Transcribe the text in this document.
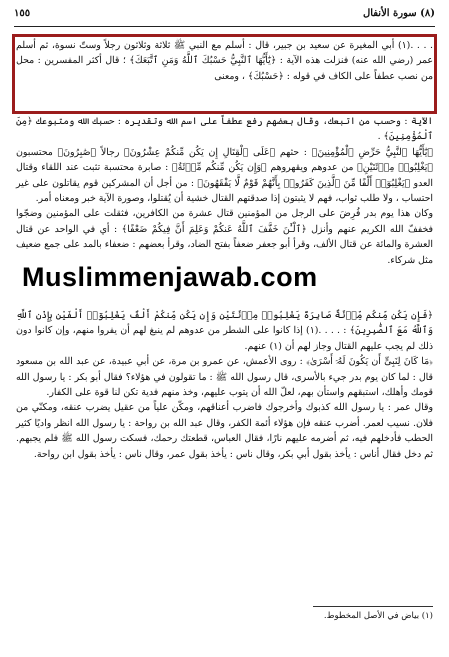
(٨) سورة الأنفال
١٥٥

. . . .(١) أبي المغيرة عن سعيد بن جبير، قال : أسلم مع النبي ﷺ ثلاثة وثلاثون رجلاً وستّ نسوة، ثم أسلم عمر (رضي الله عنه) فنزلت هذه الآية : ﴿يَٰٓأَيُّهَا ٱلنَّبِيُّ حَسْبُكَ ٱللَّهُ وَمَنِ ٱتَّبَعَكَ﴾ ؛ قال أكثر المفسرين : محل من نصب عطفاً على الكاف في قوله : ﴿حَسْبُكَ﴾ ، ومعنى

الآية : وحسب من اتبعك، وقال بعضهم رفع عطفاً على اسم الله وتقديره : حسبك الله ومتبوعك ﴿مِنَ ٱلْمُؤْمِنِينَ﴾ .

﴿يَٰٓأَيُّهَا ٱلنَّبِيُّ حَرِّضِ ٱلْمُؤْمِنِينَ﴾ : حثهم ﴿عَلَى ٱلْقِتَالِ إِن يَكُن مِّنكُمْ عِشْرُونَ﴾ رجالاً ﴿صَٰبِرُونَ﴾ محتسبون ﴿يَغْلِبُوا۟ مِا۟ئَتَيْنِ﴾ من عدوهم ويقهروهم ﴿وَإِن يَكُن مِّنكُم مِّا۟ئَةٌ﴾ : صابرة محتسبة تثبت عند اللقاء وقتال العدو ﴿يَغْلِبُوٓا۟ أَلْفًا مِّنَ ٱلَّذِينَ كَفَرُوا۟ بِأَنَّهُمْ قَوْمٌ لَّا يَفْقَهُونَ﴾ : من أجل أن المشركين قوم يقاتلون على غير احتساب ، ولا طلب ثواب، فهم لا يثبتون إذا صدقتهم القتال خشية أن يُقتلوا، وصورة الآية خبر ومعناه أمر.

وكان هذا يوم بدر فُرِضَ على الرجل من المؤمنين قتال عشرة من الكافرين، فثقلت على المؤمنين وضجّوا فخففّ الله الكريم عنهم وأنزل ﴿ٱلْـَٰٔنَ خَفَّفَ ٱللَّهُ عَنكُمْ وَعَلِمَ أَنَّ فِيكُمْ ضَعْفًا﴾ : أي في الواحد عن قتال العشرة والمائة عن قتال الألف، وقرأ أبو جعفر ضعفاً بفتح الضاد، وقرأ بعضهم : ضعفاء بالمد على جمع ضعيف مثل شركاء.

Muslimmenjawab.com

﴿فَإِن يَكُن مِّنكُم مِّا۟ئَةٌ صَابِرَةٌ يَغْلِبُوا۟ مِا۟ئَتَيْنِ وَإِن يَكُن مِّنكُمْ أَلْفٌ يَغْلِبُوٓا۟ أَلْفَيْنِ بِإِذْنِ ٱللَّهِ وَٱللَّهُ مَعَ ٱلصَّٰبِرِينَ﴾ : . . . .(١) إذا كانوا على الشطر من عدوهم لم ينبغ لهم أن يفروا منهم، وإن كانوا دون ذلك لم يجب عليهم القتال وجاز لهم أن (١) عنهم.

﴿مَا كَانَ لِنَبِىٍّ أَن يَكُونَ لَهُۥٓ أَسْرَىٰ﴾ : روى الأعمش، عن عمرو بن مرة، عن أبي عبيدة، عن عبد الله بن مسعود قال : لما كان يوم بدر جيء بالأسرى، قال رسول الله ﷺ : ما تقولون في هؤلاء؟ فقال أبو بكر : يا رسول الله قومك وأهلك، استبقهم واستأن بهم، لعلّ الله أن يتوب عليهم، وخذ منهم فدية تكن لنا قوة على الكفار.

وقال عمر : يا رسول الله كذبوك وأخرجوك فاضرب أعناقهم، ومكّن علياً من عقيل يضرب عنقه، ومكنّي من فلان. نسيب لعمر. أضرب عنقه فإن هؤلاء أئمة الكفر، وقال عبد الله بن رواحة : يا رسول الله انظر واديًا كثير الحطب فأدخلهم فيه، ثم أضرمه عليهم نارًا، فقال العباس، قطعتك رحمك، فسكت رسول الله ﷺ فلم يجبهم. ثم دخل فقال أناس : يأخذ بقول أبي بكر، وقال ناس : يأخذ بقول عمر، وقال ناس : يأخذ بقول ابن رواحة.

(١) بياض في الأصل المخطوط.
